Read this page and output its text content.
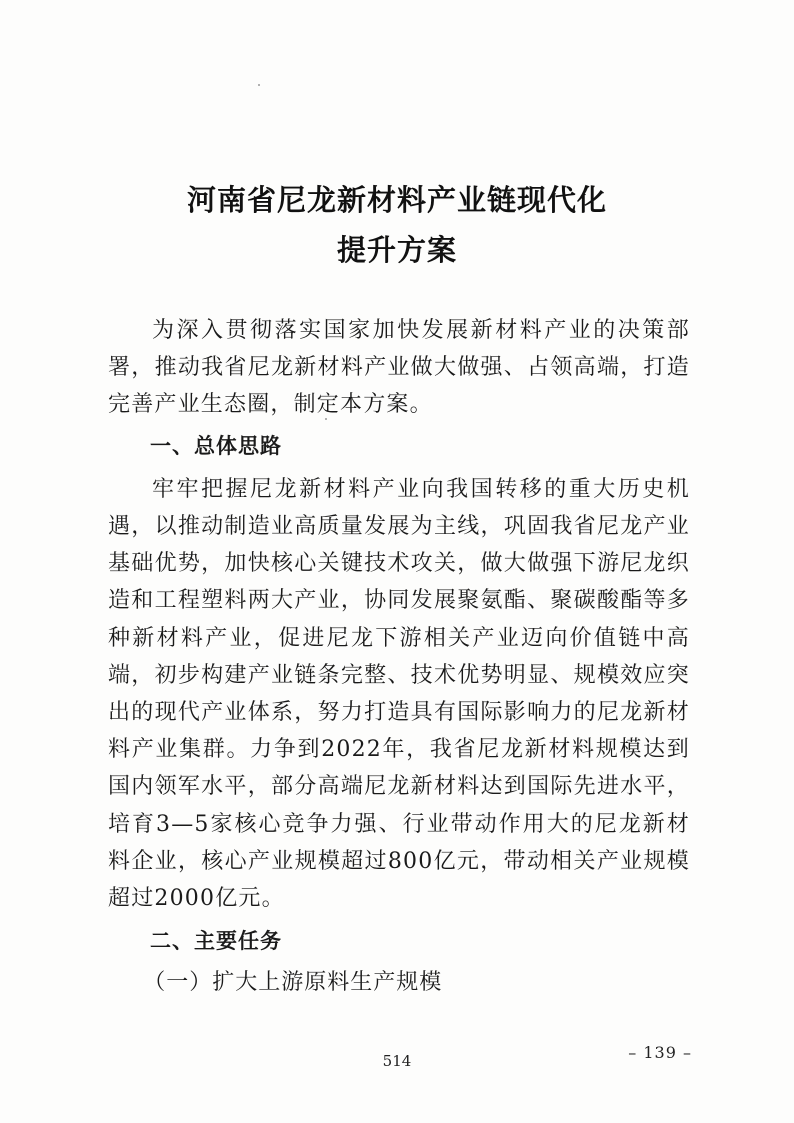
河南省尼龙新材料产业链现代化
提升方案

为深入贯彻落实国家加快发展新材料产业的决策部署，推动我省尼龙新材料产业做大做强、占领高端，打造完善产业生态圈，制定本方案。

一、总体思路

牢牢把握尼龙新材料产业向我国转移的重大历史机遇，以推动制造业高质量发展为主线，巩固我省尼龙产业基础优势，加快核心关键技术攻关，做大做强下游尼龙织造和工程塑料两大产业，协同发展聚氨酯、聚碳酸酯等多种新材料产业，促进尼龙下游相关产业迈向价值链中高端，初步构建产业链条完整、技术优势明显、规模效应突出的现代产业体系，努力打造具有国际影响力的尼龙新材料产业集群。力争到2022年，我省尼龙新材料规模达到国内领军水平，部分高端尼龙新材料达到国际先进水平，培育3—5家核心竞争力强、行业带动作用大的尼龙新材料企业，核心产业规模超过800亿元，带动相关产业规模超过2000亿元。

二、主要任务

（一）扩大上游原料生产规模

514	– 139 –
